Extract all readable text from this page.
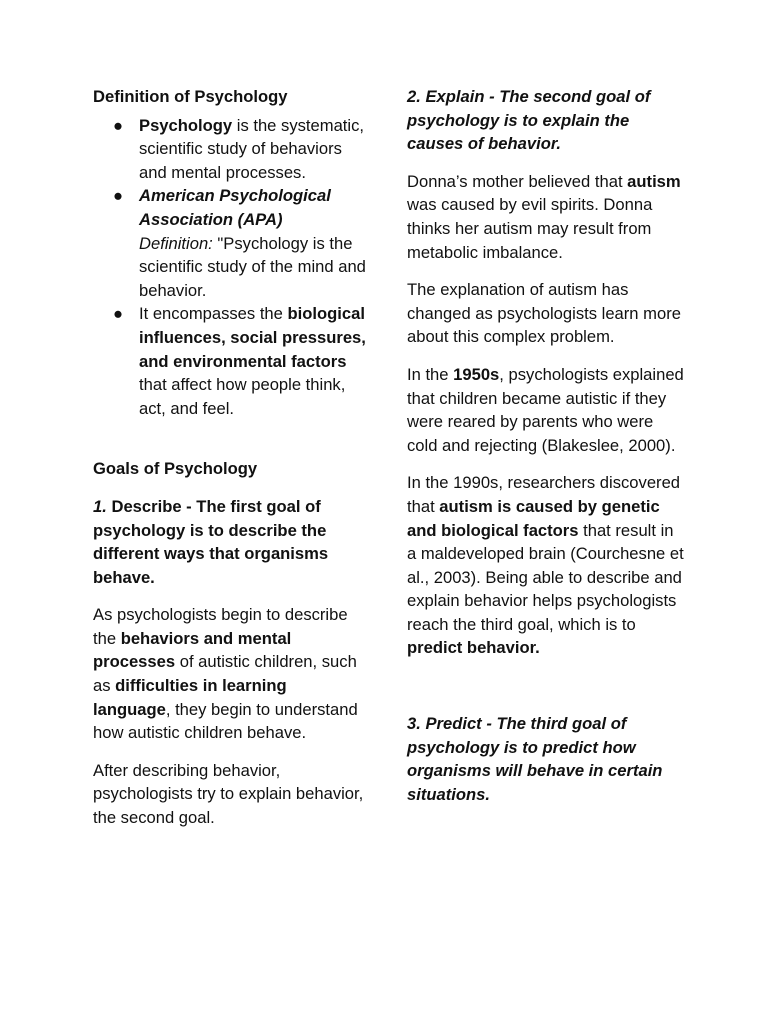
Definition of Psychology

● Psychology is the systematic, scientific study of behaviors and mental processes.
● American Psychological Association (APA)
Definition: "Psychology is the scientific study of the mind and behavior.
● It encompasses the biological influences, social pressures, and environmental factors that affect how people think, act, and feel.

Goals of Psychology

1. Describe - The first goal of psychology is to describe the different ways that organisms behave.

As psychologists begin to describe the behaviors and mental processes of autistic children, such as difficulties in learning language, they begin to understand how autistic children behave.

After describing behavior, psychologists try to explain behavior, the second goal.

2. Explain - The second goal of psychology is to explain the causes of behavior.

Donna’s mother believed that autism was caused by evil spirits. Donna thinks her autism may result from metabolic imbalance.

The explanation of autism has changed as psychologists learn more about this complex problem.

In the 1950s, psychologists explained that children became autistic if they were reared by parents who were cold and rejecting (Blakeslee, 2000).

In the 1990s, researchers discovered that autism is caused by genetic and biological factors that result in a maldeveloped brain (Courchesne et al., 2003). Being able to describe and explain behavior helps psychologists reach the third goal, which is to predict behavior.

3. Predict - The third goal of psychology is to predict how organisms will behave in certain situations.
